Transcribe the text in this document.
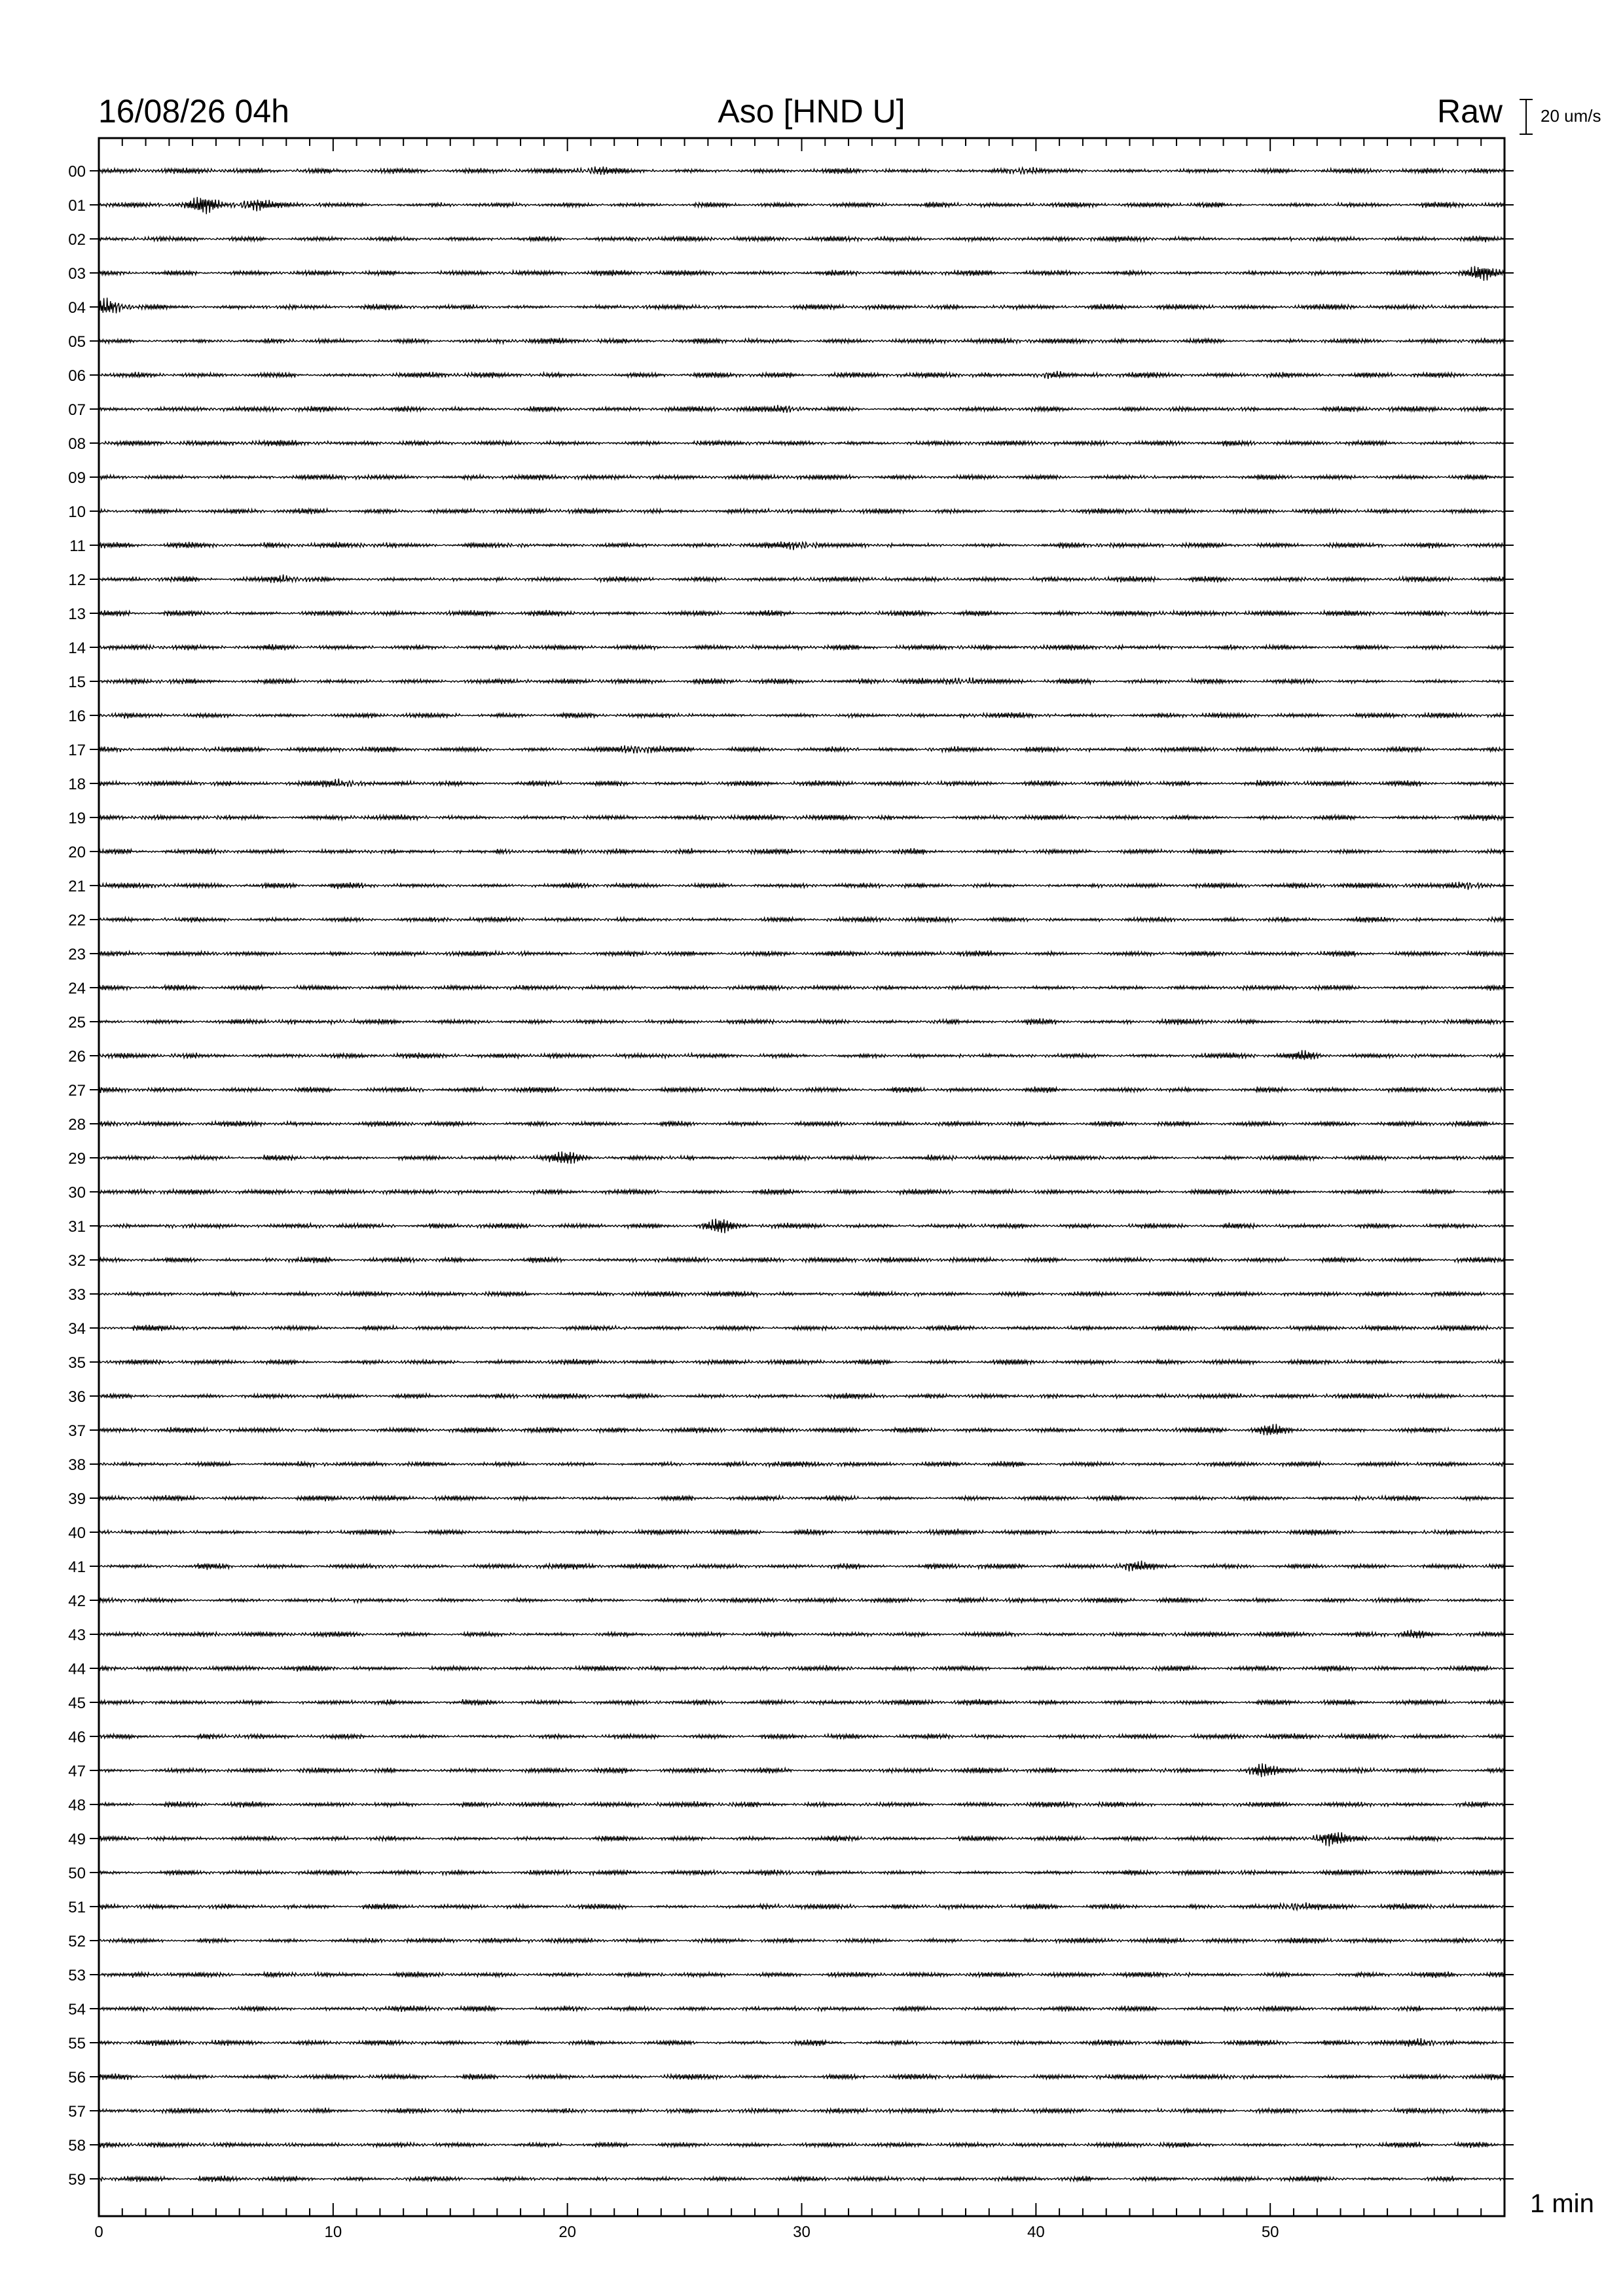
16/08/26 04h	Aso [HND U]	Raw 20 um/s
1 min
00
01
02
03
04
05
06
07
08
09
10
11
12
13
14
15
16
17
18
19
20
21
22
23
24
25
26
27
28
29
30
31
32
33
34
35
36
37
38
39
40
41
42
43
44
45
46
47
48
49
50
51
52
53
54
55
56
57
58
59
0	10	20	30	40	50
